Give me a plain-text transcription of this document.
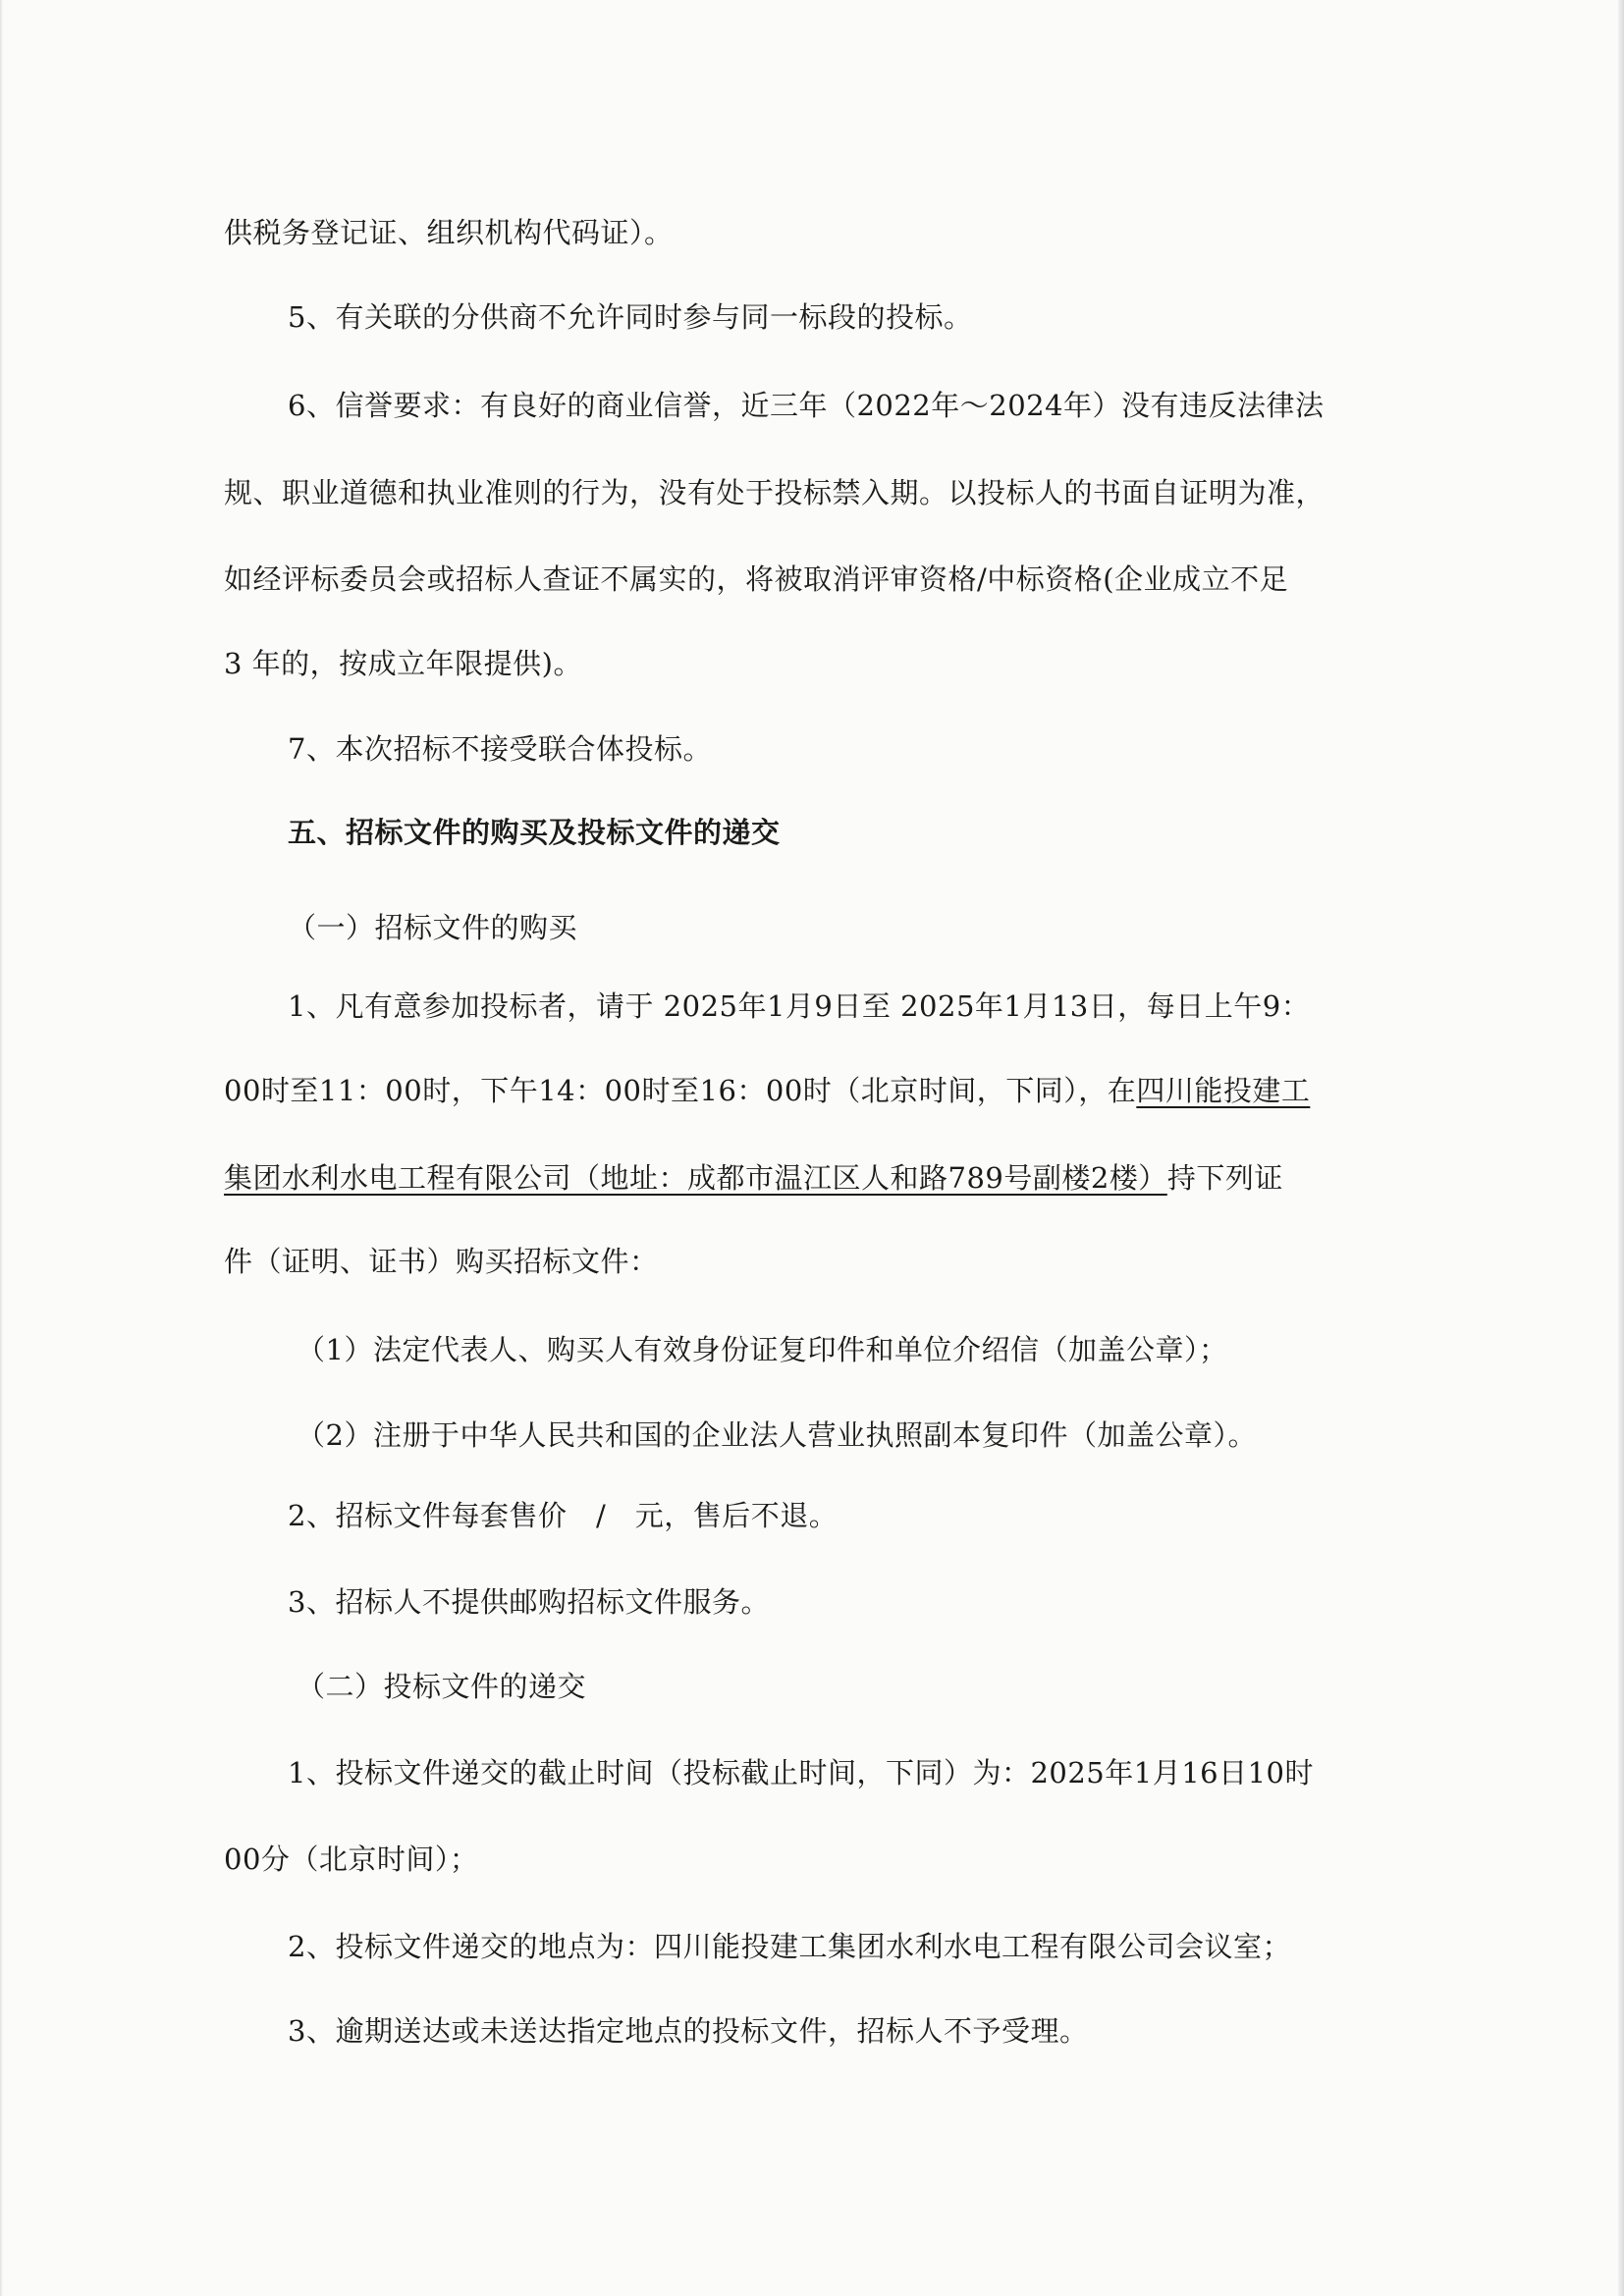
供税务登记证、组织机构代码证）。
5、有关联的分供商不允许同时参与同一标段的投标。
6、信誉要求：有良好的商业信誉，近三年（2022年～2024年）没有违反法律法
规、职业道德和执业准则的行为，没有处于投标禁入期。以投标人的书面自证明为准，
如经评标委员会或招标人查证不属实的，将被取消评审资格/中标资格(企业成立不足
3 年的，按成立年限提供)。
7、本次招标不接受联合体投标。
五、招标文件的购买及投标文件的递交
（一）招标文件的购买
1、凡有意参加投标者，请于 2025年1月9日至 2025年1月13日，每日上午9：
00时至11：00时，下午14：00时至16：00时（北京时间，下同），在四川能投建工
集团水利水电工程有限公司（地址：成都市温江区人和路789号副楼2楼）持下列证
件（证明、证书）购买招标文件：
（1）法定代表人、购买人有效身份证复印件和单位介绍信（加盖公章）；
（2）注册于中华人民共和国的企业法人营业执照副本复印件（加盖公章）。
2、招标文件每套售价　/　元，售后不退。
3、招标人不提供邮购招标文件服务。
（二）投标文件的递交
1、投标文件递交的截止时间（投标截止时间，下同）为：2025年1月16日10时
00分（北京时间）；
2、投标文件递交的地点为：四川能投建工集团水利水电工程有限公司会议室；
3、逾期送达或未送达指定地点的投标文件，招标人不予受理。
